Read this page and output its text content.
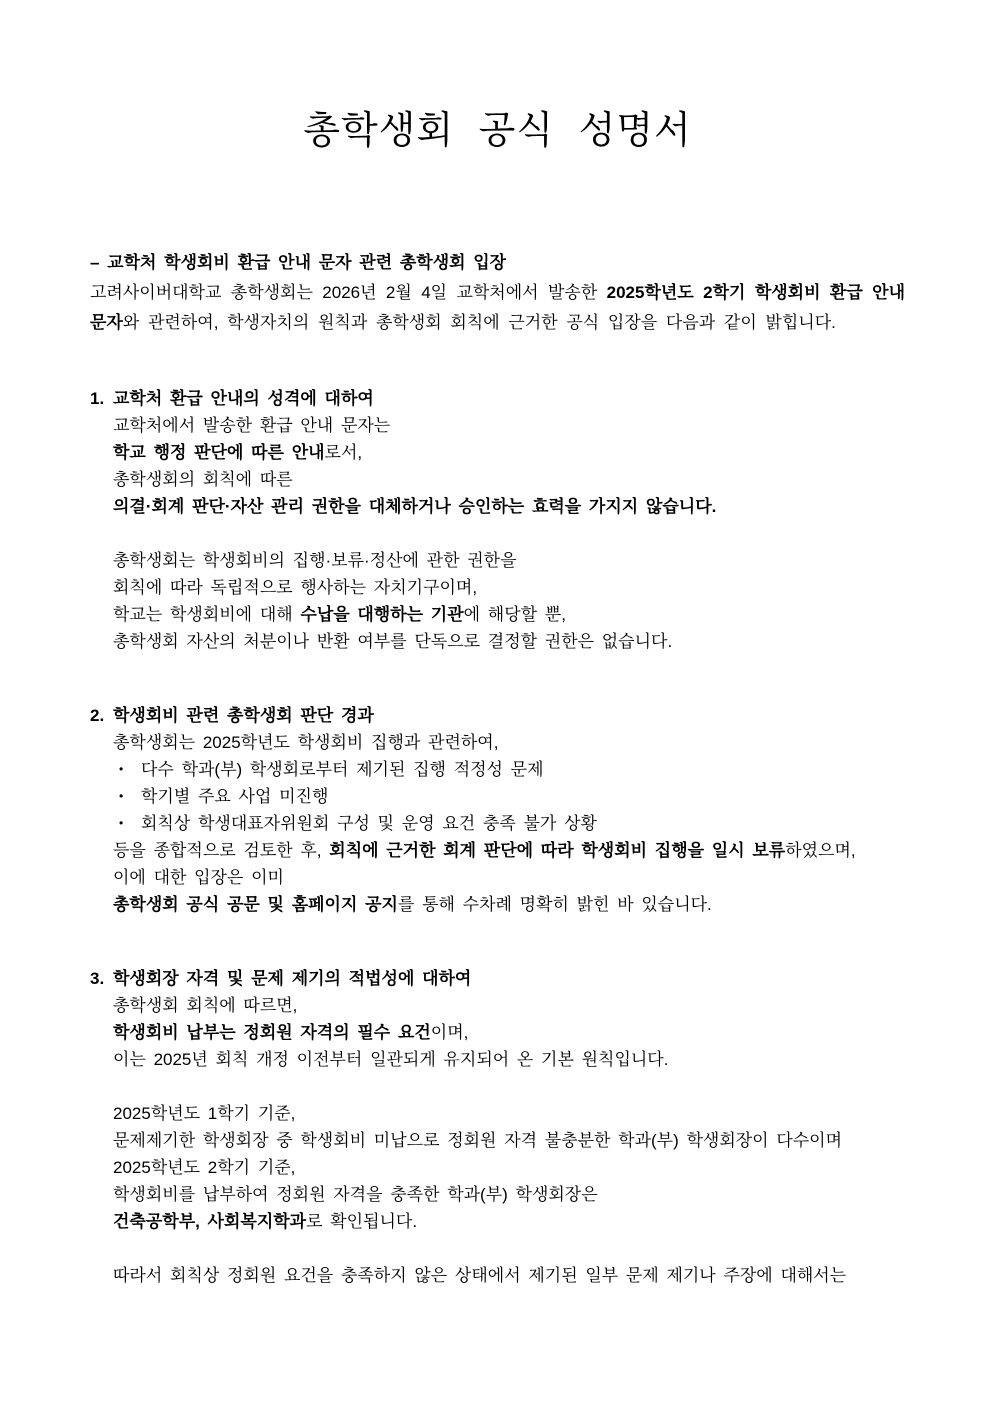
총학생회 공식 성명서
– 교학처 학생회비 환급 안내 문자 관련 총학생회 입장

고려사이버대학교 총학생회는 2026년 2월 4일 교학처에서 발송한 2025학년도 2학기 학생회비 환급 안내 문자와 관련하여, 학생자치의 원칙과 총학생회 회칙에 근거한 공식 입장을 다음과 같이 밝힙니다.

1. 교학처 환급 안내의 성격에 대하여
교학처에서 발송한 환급 안내 문자는
학교 행정 판단에 따른 안내로서,
총학생회의 회칙에 따른
의결·회계 판단·자산 관리 권한을 대체하거나 승인하는 효력을 가지지 않습니다.
총학생회는 학생회비의 집행·보류·정산에 관한 권한을
회칙에 따라 독립적으로 행사하는 자치기구이며,
학교는 학생회비에 대해 수납을 대행하는 기관에 해당할 뿐,
총학생회 자산의 처분이나 반환 여부를 단독으로 결정할 권한은 없습니다.
2. 학생회비 관련 총학생회 판단 경과
총학생회는 2025학년도 학생회비 집행과 관련하여,
•	다수 학과(부) 학생회로부터 제기된 집행 적정성 문제
•	학기별 주요 사업 미진행
•	회칙상 학생대표자위원회 구성 및 운영 요건 충족 불가 상황
등을 종합적으로 검토한 후, 회칙에 근거한 회계 판단에 따라 학생회비 집행을 일시 보류하였으며,
이에 대한 입장은 이미
총학생회 공식 공문 및 홈페이지 공지를 통해 수차례 명확히 밝힌 바 있습니다.
3. 학생회장 자격 및 문제 제기의 적법성에 대하여
총학생회 회칙에 따르면,
학생회비 납부는 정회원 자격의 필수 요건이며,
이는 2025년 회칙 개정 이전부터 일관되게 유지되어 온 기본 원칙입니다.
2025학년도 1학기 기준,
문제제기한 학생회장 중 학생회비 미납으로 정회원 자격 불충분한 학과(부) 학생회장이 다수이며
2025학년도 2학기 기준,
학생회비를 납부하여 정회원 자격을 충족한 학과(부) 학생회장은
건축공학부, 사회복지학과로 확인됩니다.
따라서 회칙상 정회원 요건을 충족하지 않은 상태에서 제기된 일부 문제 제기나 주장에 대해서는
